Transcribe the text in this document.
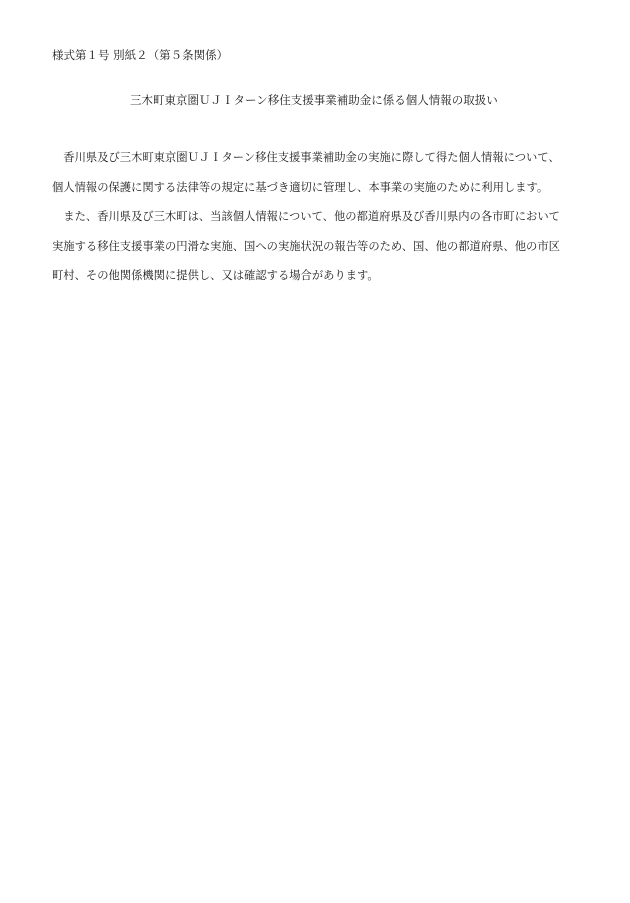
様式第１号 別紙２（第５条関係）
三木町東京圏ＵＪＩターン移住支援事業補助金に係る個人情報の取扱い
　香川県及び三木町東京圏ＵＪＩターン移住支援事業補助金の実施に際して得た個人情報について、
個人情報の保護に関する法律等の規定に基づき適切に管理し、本事業の実施のために利用します。
　また、香川県及び三木町は、当該個人情報について、他の都道府県及び香川県内の各市町において
実施する移住支援事業の円滑な実施、国への実施状況の報告等のため、国、他の都道府県、他の市区
町村、その他関係機関に提供し、又は確認する場合があります。
